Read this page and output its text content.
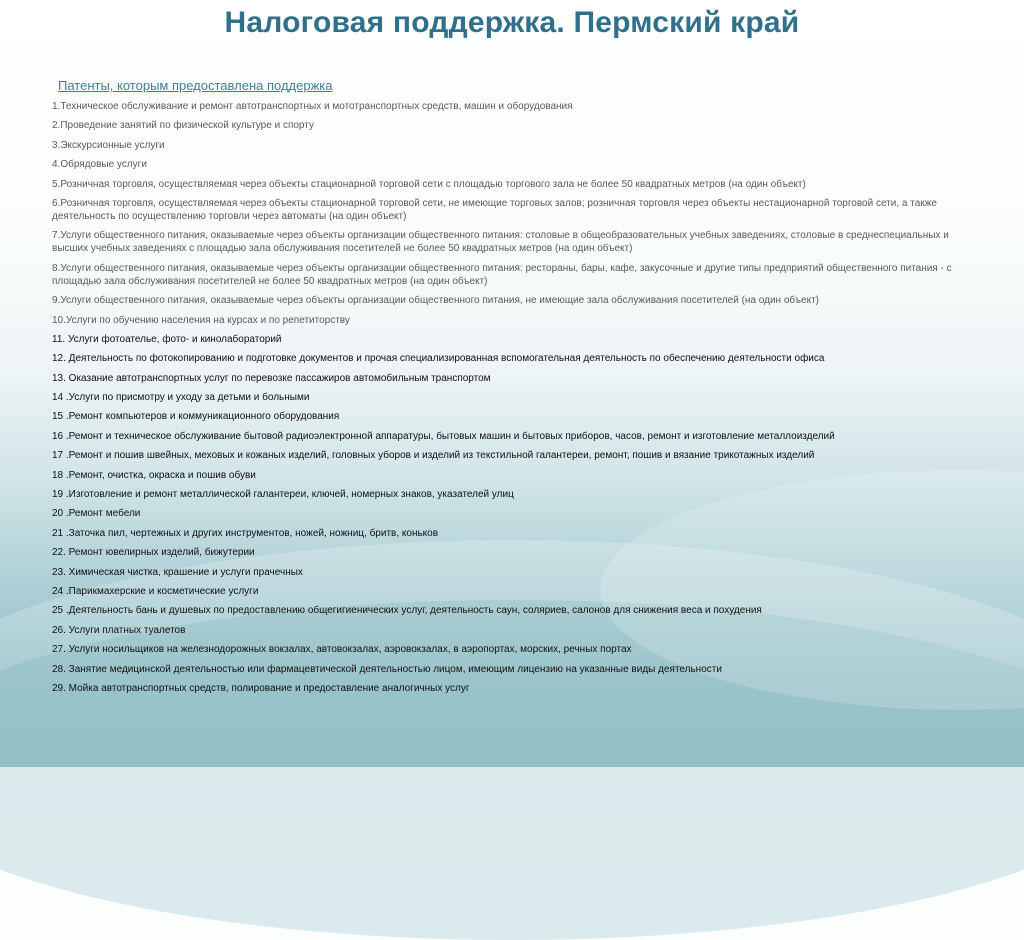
Налоговая поддержка. Пермский край
Патенты, которым предоставлена поддержка
1.Техническое обслуживание и ремонт автотранспортных и мототранспортных средств, машин и оборудования
2.Проведение занятий по физической культуре и спорту
3.Экскурсионные услуги
4.Обрядовые услуги
5.Розничная торговля, осуществляемая через объекты стационарной торговой сети с площадью торгового зала не более 50 квадратных метров (на один объект)
6.Розничная торговля, осуществляемая через объекты стационарной торговой сети, не имеющие торговых залов; розничная торговля через объекты нестационарной торговой сети, а также деятельность по осуществлению торговли через автоматы (на один объект)
7.Услуги общественного питания, оказываемые через объекты организации общественного питания: столовые в общеобразовательных учебных заведениях, столовые в среднеспециальных и высших учебных заведениях с площадью зала обслуживания посетителей не более 50 квадратных метров (на один объект)
8.Услуги общественного питания, оказываемые через объекты организации общественного питания: рестораны, бары, кафе, закусочные и другие типы предприятий общественного питания - с площадью зала обслуживания посетителей не более 50 квадратных метров (на один объект)
9.Услуги общественного питания, оказываемые через объекты организации общественного питания, не имеющие зала обслуживания посетителей (на один объект)
10.Услуги по обучению населения на курсах и по репетиторству
11. Услуги фотоателье, фото- и кинолабораторий
12. Деятельность по фотокопированию и подготовке документов и прочая специализированная вспомогательная деятельность по обеспечению деятельности офиса
13. Оказание автотранспортных услуг по перевозке пассажиров автомобильным транспортом
14 .Услуги по присмотру и уходу за детьми и больными
15 .Ремонт компьютеров и коммуникационного оборудования
16 .Ремонт и техническое обслуживание бытовой радиоэлектронной аппаратуры, бытовых машин и бытовых приборов, часов, ремонт и изготовление металлоизделий
17 .Ремонт и пошив швейных, меховых и кожаных изделий, головных уборов и изделий из текстильной галантереи, ремонт, пошив и вязание трикотажных изделий
18 .Ремонт, очистка, окраска и пошив обуви
19 .Изготовление и ремонт металлической галантереи, ключей, номерных знаков, указателей улиц
20 .Ремонт мебели
21 .Заточка пил, чертежных и других инструментов, ножей, ножниц, бритв, коньков
22. Ремонт ювелирных изделий, бижутерии
23. Химическая чистка, крашение и услуги прачечных
24 .Парикмахерские и косметические услуги
25 .Деятельность бань и душевых по предоставлению общегигиенических услуг, деятельность саун, соляриев, салонов для снижения веса и похудения
26. Услуги платных туалетов
27. Услуги носильщиков на железнодорожных вокзалах, автовокзалах, аэровокзалах, в аэропортах, морских, речных портах
28. Занятие медицинской деятельностью или фармацевтической деятельностью лицом, имеющим лицензию на указанные виды деятельности
29. Мойка автотранспортных средств, полирование и предоставление аналогичных услуг
